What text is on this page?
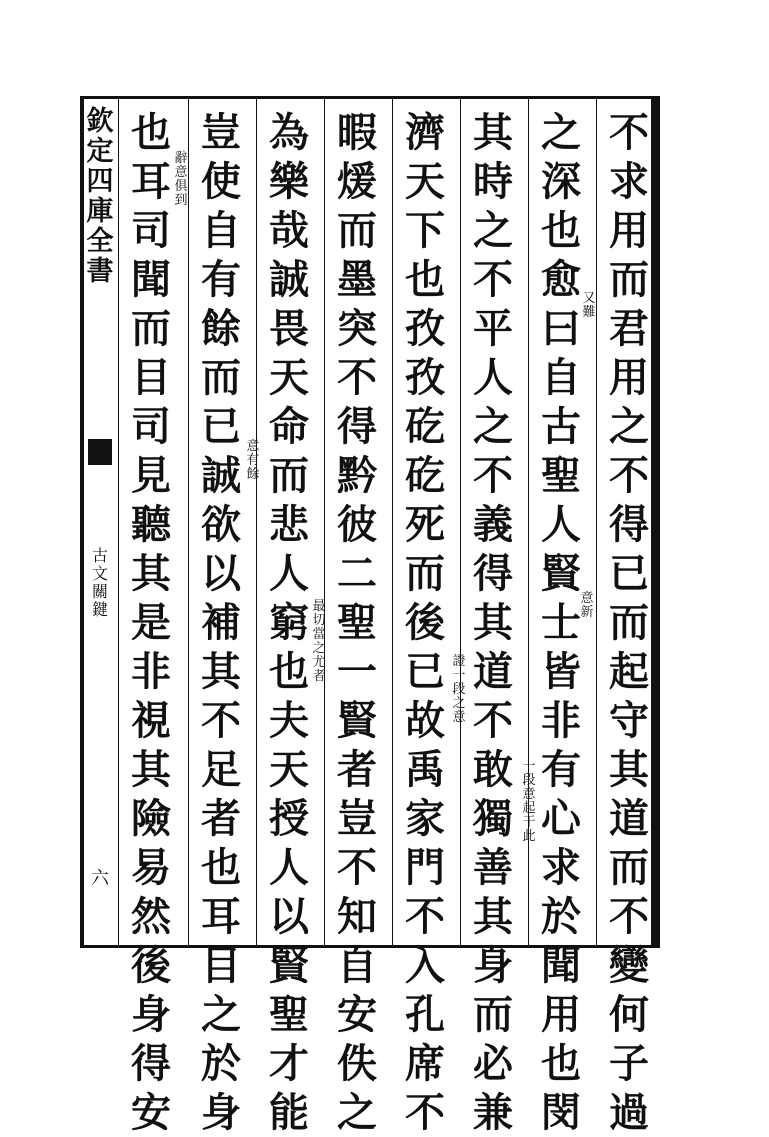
欽
定
四
庫
全
書
古
文
關
鍵
六
不
求
用
而
君
用
之
不
得
已
而
起
守
其
道
而
不
變
何
子
過
之
深
也
愈
曰
自
古
聖
人
賢
士
皆
非
有
心
求
於
聞
用
也
閔
其
時
之
不
平
人
之
不
義
得
其
道
不
敢
獨
善
其
身
而
必
兼
濟
天
下
也
孜
孜
矻
矻
死
而
後
已
故
禹
家
門
不
入
孔
席
不
暇
煖
而
墨
突
不
得
黔
彼
二
聖
一
賢
者
豈
不
知
自
安
佚
之
為
樂
哉
誠
畏
天
命
而
悲
人
窮
也
夫
天
授
人
以
賢
聖
才
能
豈
使
自
有
餘
而
已
誠
欲
以
補
其
不
足
者
也
耳
目
之
於
身
也
耳
司
聞
而
目
司
見
聽
其
是
非
視
其
險
易
然
後
身
得
安
又
難
意
新
一
段
意
起
干
此
證
一
段
之
意
最
切
當
之
尤
者
意
有
餘
辭
意
俱
到
